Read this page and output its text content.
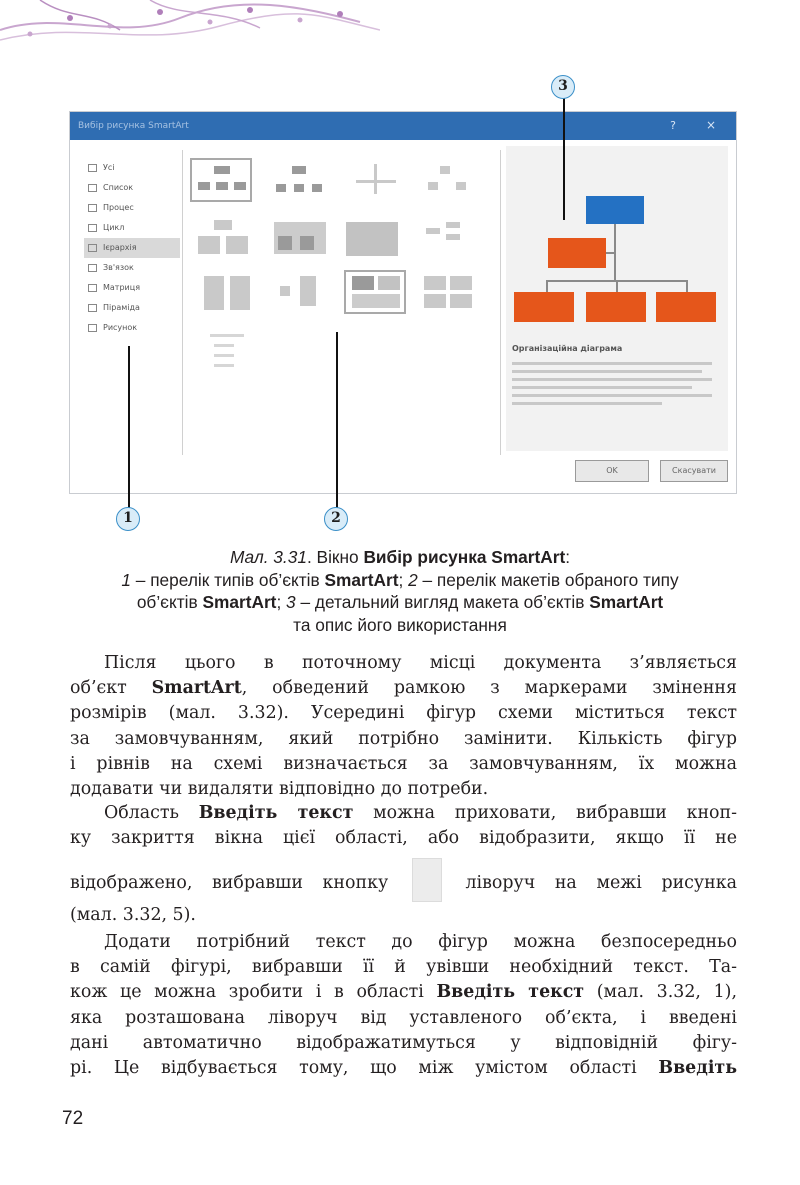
Вибір рисунка SmartArt	? ×
Усі
Список
Процес
Цикл
Ієрархія
Зв'язок
Матриця
Піраміда
Рисунок
Організаційна діаграма
OK	Скасувати
1	2
3
Мал. 3.31. Вікно Вибір рисунка SmartArt:
1 – перелік типів об’єктів SmartArt; 2 – перелік макетів обраного типу
об’єктів SmartArt; 3 – детальний вигляд макета об’єктів SmartArt
та опис його використання
Після цього в поточному місці документа з’являється
об’єкт SmartArt, обведений рамкою з маркерами змінення
розмірів (мал. 3.32). Усередині фігур схеми міститься текст
за замовчуванням, який потрібно замінити. Кількість фігур
і рівнів на схемі визначається за замовчуванням, їх можна
додавати чи видаляти відповідно до потреби.
Область Введіть текст можна приховати, вибравши кноп-
ку закриття вікна цієї області, або відобразити, якщо її не
відображено, вибравши кнопку	ліворуч на межі рисунка
(мал. 3.32, 5).
Додати потрібний текст до фігур можна безпосередньо
в самій фігурі, вибравши її й увівши необхідний текст. Та-
кож це можна зробити і в області Введіть текст (мал. 3.32, 1),
яка розташована ліворуч від уставленого об’єкта, і введені
дані автоматично відображатимуться у відповідній фігу-
рі. Це відбувається тому, що між умістом області Введіть
72
